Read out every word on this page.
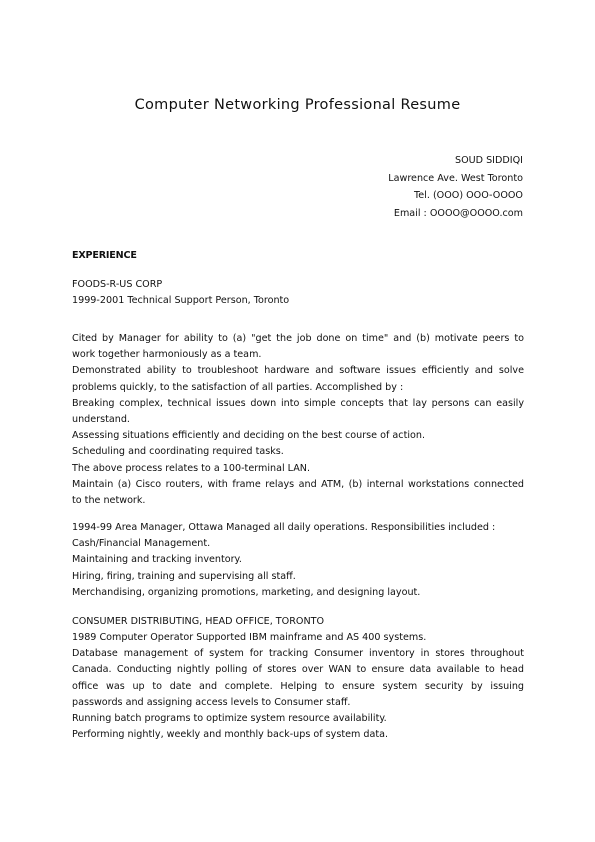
Computer Networking Professional Resume
SOUD SIDDIQI
Lawrence Ave. West Toronto
Tel. (OOO) OOO-OOOO
Email : OOOO@OOOO.com
EXPERIENCE
FOODS-R-US CORP
1999-2001 Technical Support Person, Toronto
Cited by Manager for ability to (a) "get the job done on time" and (b) motivate peers to
work together harmoniously as a team.
Demonstrated ability to troubleshoot hardware and software issues efficiently and solve
problems quickly, to the satisfaction of all parties. Accomplished by :
Breaking complex, technical issues down into simple concepts that lay persons can easily
understand.
Assessing situations efficiently and deciding on the best course of action.
Scheduling and coordinating required tasks.
The above process relates to a 100-terminal LAN.
Maintain (a) Cisco routers, with frame relays and ATM, (b) internal workstations connected
to the network.
1994-99 Area Manager, Ottawa Managed all daily operations. Responsibilities included :
Cash/Financial Management.
Maintaining and tracking inventory.
Hiring, firing, training and supervising all staff.
Merchandising, organizing promotions, marketing, and designing layout.
CONSUMER DISTRIBUTING, HEAD OFFICE, TORONTO
1989 Computer Operator Supported IBM mainframe and AS 400 systems.
Database management of system for tracking Consumer inventory in stores throughout
Canada. Conducting nightly polling of stores over WAN to ensure data available to head
office was up to date and complete. Helping to ensure system security by issuing
passwords and assigning access levels to Consumer staff.
Running batch programs to optimize system resource availability.
Performing nightly, weekly and monthly back-ups of system data.
